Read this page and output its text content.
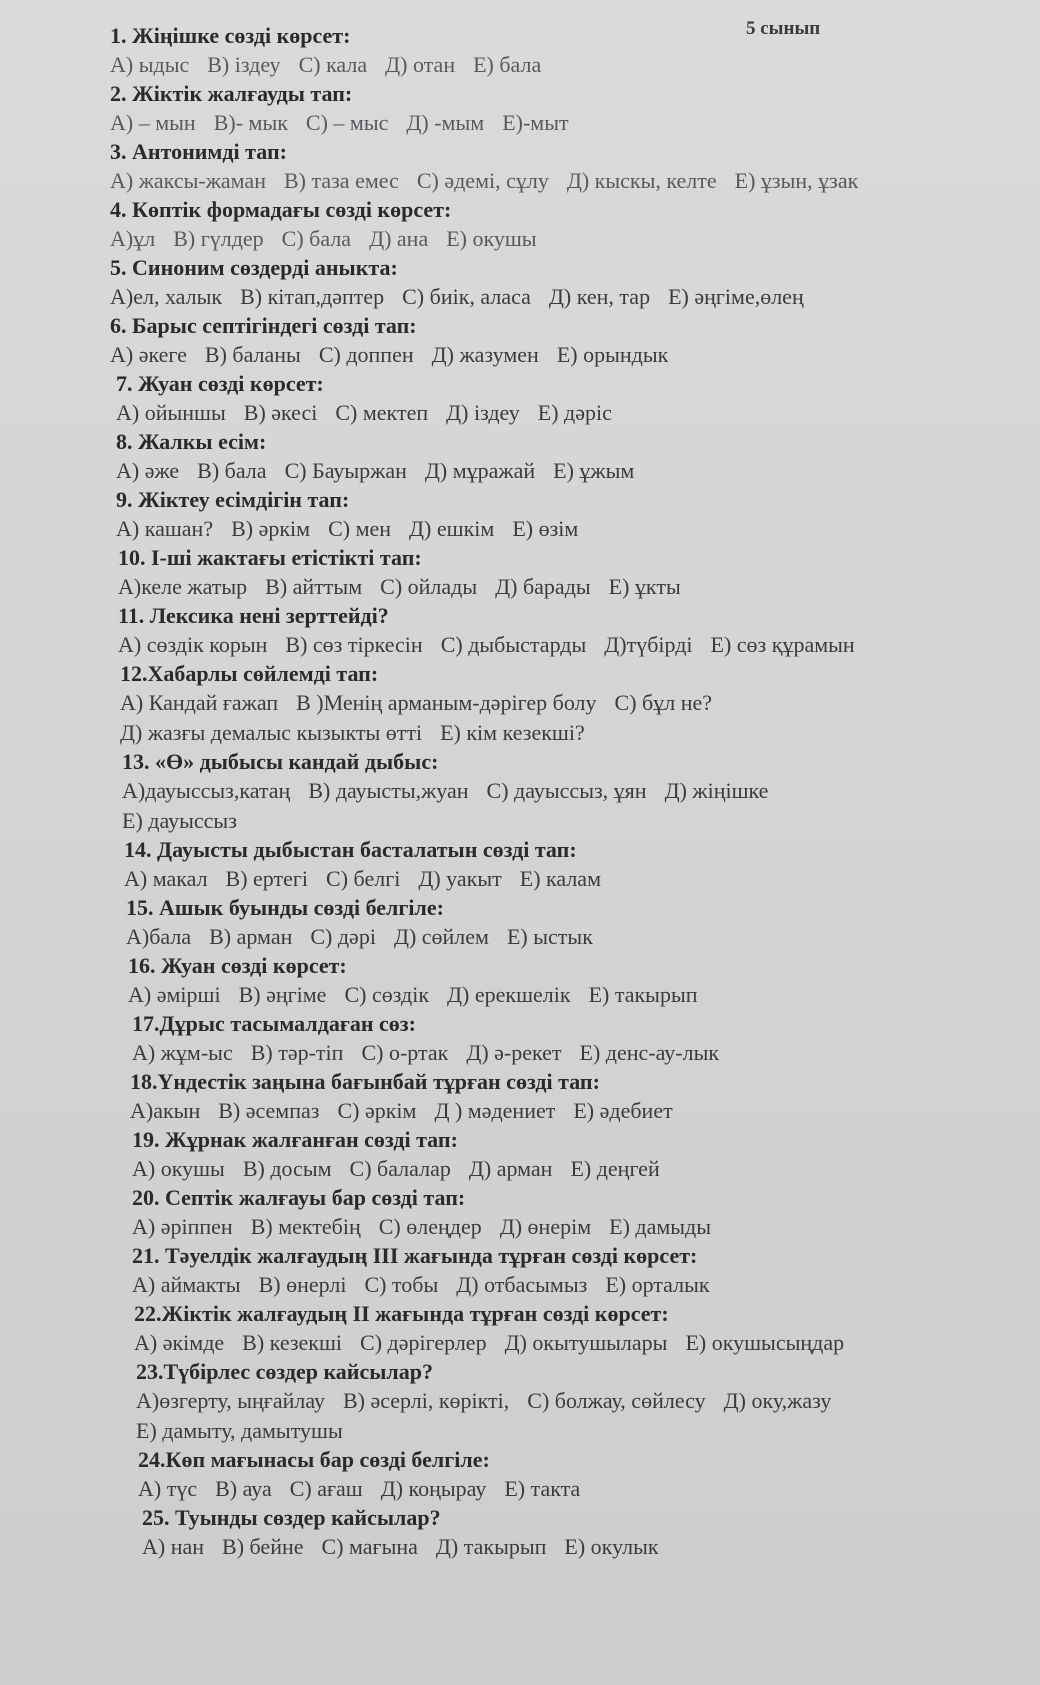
5 сынып
1. Жіңішке сөзді көрсет:
А) ыдыс В) іздеу С) кала Д) отан Е) бала
2. Жіктік жалғауды тап:
А) – мын В)- мык С) – мыс Д) -мым Е)-мыт
3. Антонимді тап:
А) жаксы-жаман В) таза емес С) әдемі, сұлу Д) кыскы, келте Е) ұзын, ұзак
4. Көптік формадағы сөзді көрсет:
А)ұл В) гүлдер С) бала Д) ана Е) окушы
5. Синоним сөздерді аныкта:
А)ел, халык В) кітап,дәптер С) биік, аласа Д) кен, тар Е) әңгіме,өлең
6. Барыс септігіндегі сөзді тап:
А) әкеге В) баланы С) доппен Д) жазумен Е) орындык
7. Жуан сөзді көрсет:
А) ойыншы В) әкесі С) мектеп Д) іздеу Е) дәріс
8. Жалкы есім:
А) әже В) бала С) Бауыржан Д) мұражай Е) ұжым
9. Жіктеу есімдігін тап:
А) кашан? В) әркім С) мен Д) ешкім Е) өзім
10. І-ші жактағы етістікті тап:
А)келе жатыр В) айттым С) ойлады Д) барады Е) ұкты
11. Лексика нені зерттейді?
А) сөздік корын В) сөз тіркесін С) дыбыстарды Д)түбірді Е) сөз құрамын
12.Хабарлы сөйлемді тап:
А) Кандай ғажап В )Менің арманым-дәрігер болу С) бұл не?
Д) жазғы демалыс кызыкты өтті Е) кім кезекші?
13. «Ө» дыбысы кандай дыбыс:
А)дауыссыз,катаң В) дауысты,жуан С) дауыссыз, ұян Д) жіңішке
Е) дауыссыз
14. Дауысты дыбыстан басталатын сөзді тап:
А) макал В) ертегі С) белгі Д) уакыт Е) калам
15. Ашык буынды сөзді белгіле:
А)бала В) арман С) дәрі Д) сөйлем Е) ыстык
16. Жуан сөзді көрсет:
А) әмірші В) әңгіме С) сөздік Д) ерекшелік Е) такырып
17.Дұрыс тасымалдаған сөз:
А) жұм-ыс В) тәр-тіп С) о-ртак Д) ә-рекет Е) денс-ау-лык
18.Үндестік заңына бағынбай тұрған сөзді тап:
А)акын В) әсемпаз С) әркім Д ) мәдениет Е) әдебиет
19. Жұрнак жалғанған сөзді тап:
А) окушы В) досым С) балалар Д) арман Е) деңгей
20. Септік жалғауы бар сөзді тап:
А) әріппен В) мектебің С) өлеңдер Д) өнерім Е) дамыды
21. Тәуелдік жалғаудың ІІІ жағында тұрған сөзді көрсет:
А) аймакты В) өнерлі С) тобы Д) отбасымыз Е) орталык
22.Жіктік жалғаудың ІІ жағында тұрған сөзді көрсет:
А) әкімде В) кезекші С) дәрігерлер Д) окытушылары Е) окушысыңдар
23.Түбірлес сөздер кайсылар?
А)өзгерту, ыңғайлау В) әсерлі, көрікті, С) болжау, сөйлесу Д) оку,жазу
Е) дамыту, дамытушы
24.Көп мағынасы бар сөзді белгіле:
А) түс В) ауа С) ағаш Д) коңырау Е) такта
25. Туынды сөздер кайсылар?
А) нан В) бейне С) мағына Д) такырып Е) окулык
